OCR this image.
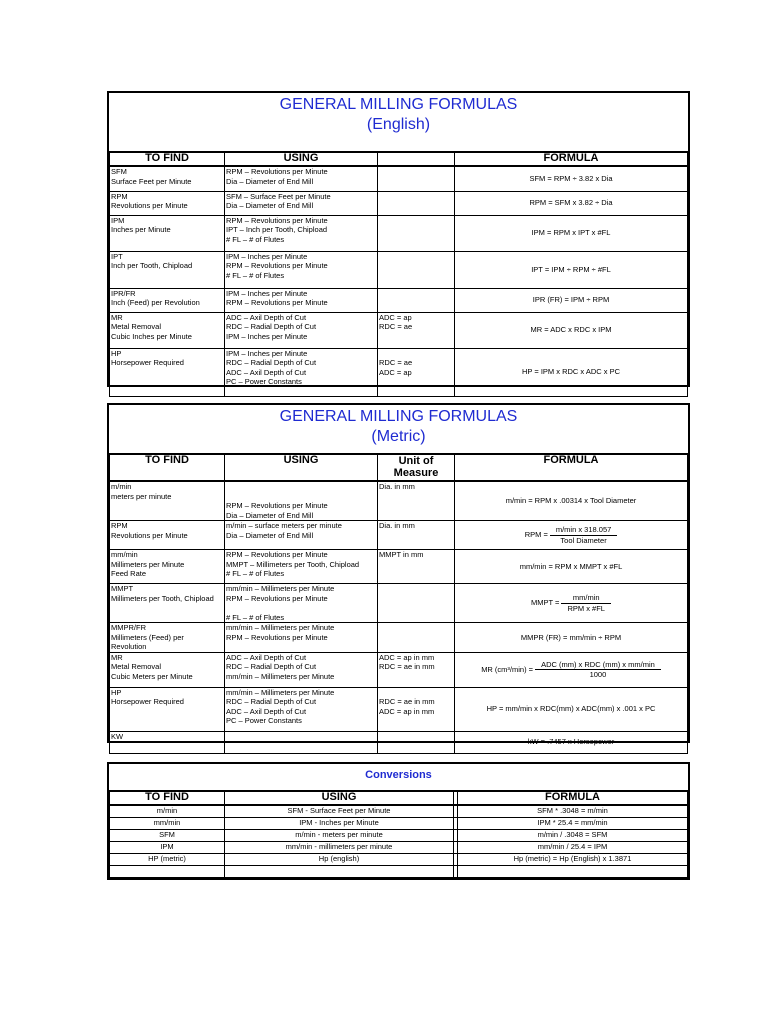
GENERAL MILLING FORMULAS
(English)
TO FIND	USING		FORMULA

SFM
Surface Feet per Minute	RPM – Revolutions per Minute
Dia – Diameter of End Mill		SFM = RPM ÷ 3.82 x Dia

RPM
Revolutions per Minute	SFM – Surface Feet per Minute
Dia – Diameter of End Mill		RPM = SFM x 3.82 ÷ Dia

IPM
Inches per Minute	RPM – Revolutions per Minute
IPT – Inch per Tooth, Chipload
# FL – # of Flutes		IPM = RPM x IPT x #FL

IPT
Inch per Tooth, Chipload	IPM – Inches per Minute
RPM – Revolutions per Minute
# FL – # of Flutes		IPT = IPM ÷ RPM ÷ #FL

IPR/FR
Inch (Feed) per Revolution	IPM – Inches per Minute
RPM – Revolutions per Minute		IPR (FR) = IPM ÷ RPM

MR
Metal Removal
Cubic Inches per Minute	ADC – Axil Depth of Cut
RDC – Radial Depth of Cut
IPM – Inches per Minute	ADC = ap
RDC = ae	MR = ADC x RDC x IPM

HP
Horsepower Required	IPM – Inches per Minute
RDC – Radial Depth of Cut
ADC – Axil Depth of Cut
PC – Power Constants	RDC = ae
ADC = ap	HP = IPM x RDC x ADC x PC
GENERAL MILLING FORMULAS
(Metric)
TO FIND	USING	Unit of Measure	FORMULA

m/min
meters per minute	RPM – Revolutions per Minute
Dia – Diameter of End Mill	Dia. in mm	m/min = RPM x .00314 x Tool Diameter

RPM
Revolutions per Minute	m/min – surface meters per minute
Dia – Diameter of End Mill	Dia. in mm	RPM = $\frac{\text{m/min x 318.057}}{\text{Tool Diameter}}$

mm/min
Millimeters per Minute
Feed Rate	RPM – Revolutions per Minute
MMPT – Millimeters per Tooth, Chipload
# FL – # of Flutes	MMPT in mm	mm/min = RPM x MMPT x #FL

MMPT
Millimeters per Tooth, Chipload	mm/min – Millimeters per Minute
RPM – Revolutions per Minute

# FL – # of Flutes		MMPT = $\frac{mm/\min}{\text{RPM x \#FL}}$

MMPR/FR
Millimeters (Feed) per
Revolution	mm/min – Millimeters per Minute
RPM – Revolutions per Minute		MMPR (FR) = mm/min ÷ RPM

MR
Metal Removal
Cubic Meters per Minute	ADC – Axil Depth of Cut
RDC – Radial Depth of Cut
mm/min – Millimeters per Minute	ADC = ap in mm
RDC = ae in mm	MR $(cm^3/\min) = \frac{\text{ADC (mm) x RDC (mm) x mm/min}}{1000}$

HP
Horsepower Required	mm/min – Millimeters per Minute
RDC – Radial Depth of Cut
ADC – Axil Depth of Cut
PC – Power Constants	RDC = ae in mm
ADC = ap in mm	HP = mm/min x RDC(mm) x ADC(mm) x .001 x PC

KW			kW = .7457 x Horsepower
Conversions
TO FIND	USING		FORMULA
m/min	SFM - Surface Feet per Minute		SFM * .3048 = m/min
mm/min	IPM - Inches per Minute		IPM * 25.4 = mm/min
SFM	m/min - meters per minute		m/min / .3048 = SFM
IPM	mm/min - millimeters per minute		mm/min / 25.4 = IPM
HP (metric)	Hp (english)		Hp (metric) = Hp (English) x 1.3871
